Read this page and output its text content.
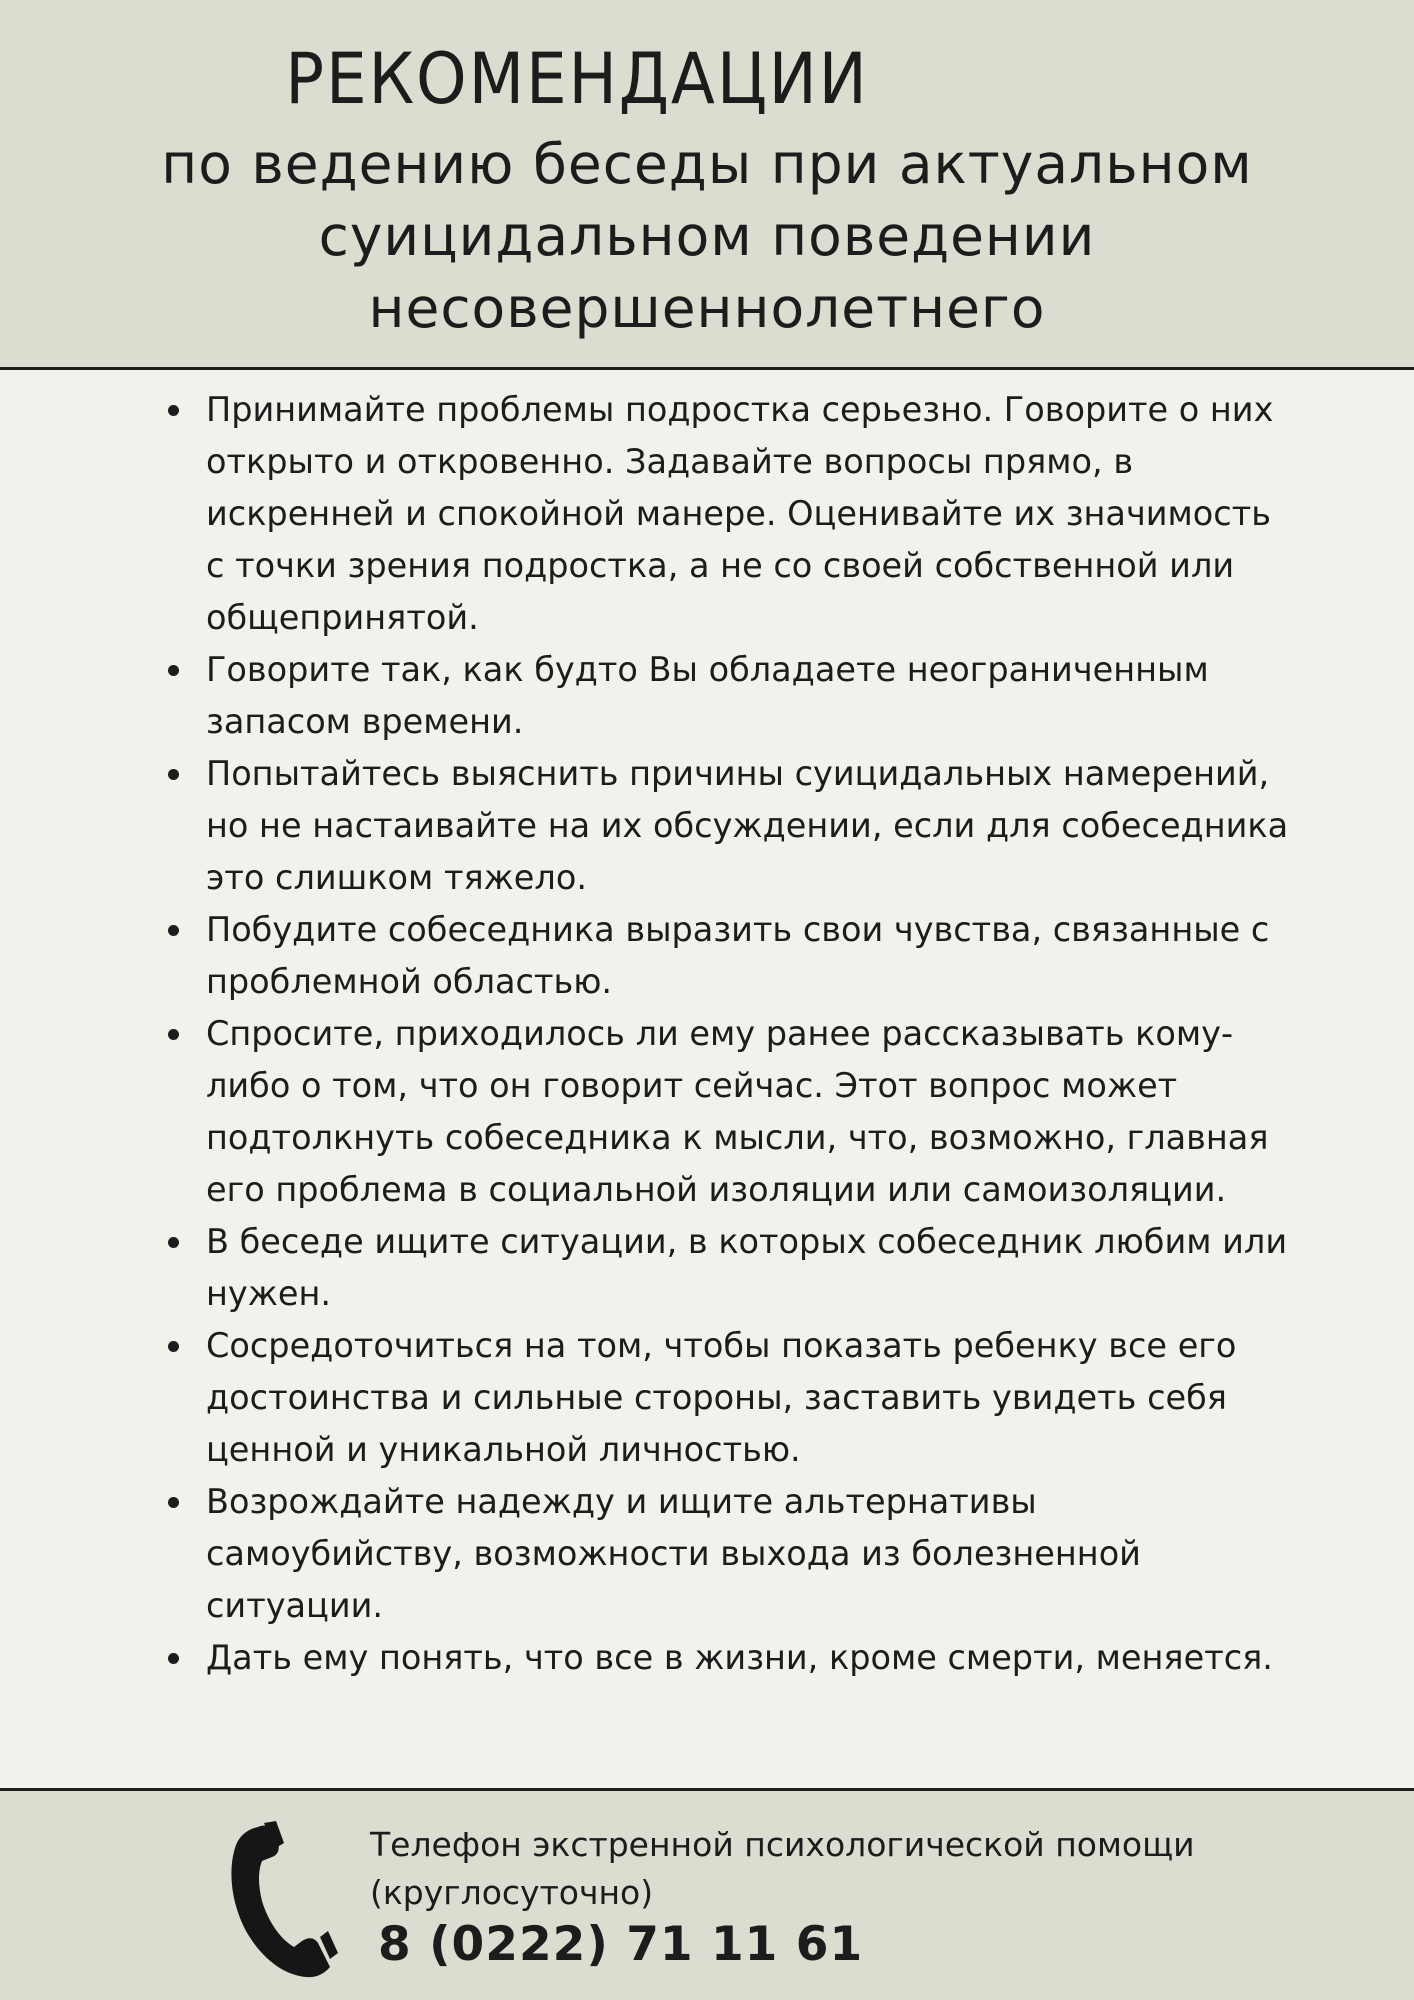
РЕКОМЕНДАЦИИ
по ведению беседы при актуальном
суицидальном поведении
несовершеннолетнего
Принимайте проблемы подростка серьезно. Говорите о них открыто и откровенно. Задавайте вопросы прямо, в искренней и спокойной манере. Оценивайте их значимость с точки зрения подростка, а не со своей собственной или общепринятой.
Говорите так, как будто Вы обладаете неограниченным запасом времени.
Попытайтесь выяснить причины суицидальных намерений, но не настаивайте на их обсуждении, если для собеседника это слишком тяжело.
Побудите собеседника выразить свои чувства, связанные с проблемной областью.
Спросите, приходилось ли ему ранее рассказывать кому-либо о том, что он говорит сейчас. Этот вопрос может подтолкнуть собеседника к мысли, что, возможно, главная его проблема в социальной изоляции или самоизоляции.
В беседе ищите ситуации, в которых собеседник любим или нужен.
Сосредоточиться на том, чтобы показать ребенку все его достоинства и сильные стороны, заставить увидеть себя ценной и уникальной личностью.
Возрождайте надежду и ищите альтернативы самоубийству, возможности выхода из болезненной ситуации.
Дать ему понять, что все в жизни, кроме смерти, меняется.
Телефон экстренной психологической помощи (круглосуточно)
8 (0222) 71 11 61
